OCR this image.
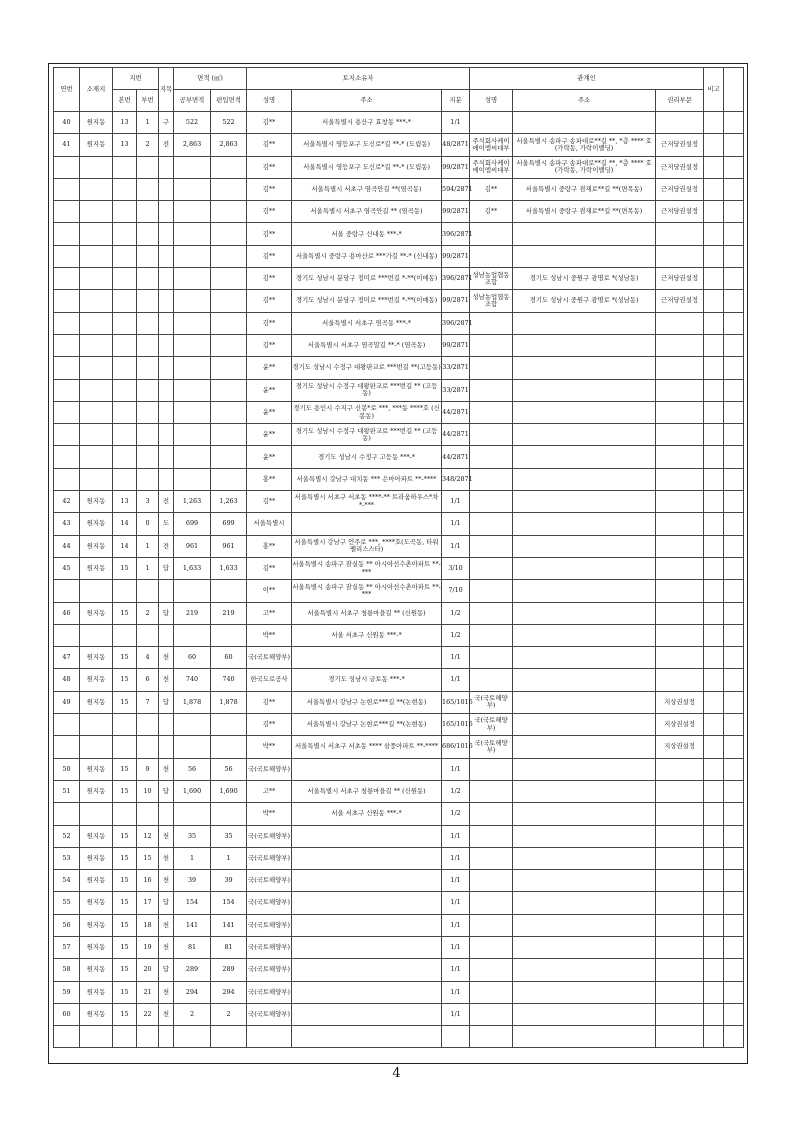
연번	소재지	지번		지목	면적 (㎡)		토지소유자			관계인			비고	
		본번	부번		공부면적	편입면적	성명	주소	지분	성명	주소	권리부문		
40	원지동	13	1	구	522	522	김**	서울특별시 용산구 효창동 ***-*	1/1					
41	원지동	13	2	전	2,863	2,863	김**	서울특별시 영등포구 도신로*길 **-* (도림동)	48/2871	주식회사케이에이엠씨대부	서울특별시 송파구 송파대로**길 **, *층 **** 호 (가락동, 가락이밸딩)	근저당권설정		
							김**	서울특별시 영등포구 도신로*길 **-* (도림동)	99/2871	주식회사케이에이엠씨대부	서울특별시 송파구 송파대로**길 **, *층 **** 호 (가락동, 가락이밸딩)	근저당권설정		
							김**	서울특별시 서초구 염곡안길 **(염곡동)	594/2871	김**	서울특별시 중랑구 겸재로**길 **(면목동)	근저당권설정		
							김**	서울특별시 서초구 염곡안길 ** (염곡동)	99/2871	김**	서울특별시 중랑구 겸재로**길 **(면목동)	근저당권설정		
							김**	서울 중랑구 신내동 ***-*	396/2871					
							김**	서울특별시 중랑구 용마산로 ***가길 **-* (신내동)	99/2871					
							김**	경기도 성남시 분당구 정미로 ***번길 *-**(이매동)	396/2871	성남농업협동조합	경기도 성남시 중원구 광명로 *(성남동)	근저당권설정		
							김**	경기도 성남시 분당구 정미로 ***번길 *-**(이매동)	99/2871	성남농업협동조합	경기도 성남시 중원구 광명로 *(성남동)	근저당권설정		
							김**	서울특별시 서초구 염곡동 ***-*	396/2871					
							김**	서울특별시 서초구 염곡말길 **-* (염곡동)	99/2871					
							윤**	경기도 성남시 수정구 대왕판교로 ***번길 **(고등동)	33/2871					
							윤**	경기도 성남시 수정구 대왕판교로 ***번길 ** (고등동)	33/2871					
							윤**	경기도 용인시 수지구 신봉*로 ***, ***동 ****호 (신봉동)	44/2871					
							윤**	경기도 성남시 수정구 대왕판교로 ***번길 ** (고등동)	44/2871					
							윤**	경기도 성남시 수정구 고등동 ***-*	44/2871					
							홍**	서울특별시 강남구 대치동 *** 은마아파트 **-****	348/2871					
42	원지동	13	3	전	1,263	1,263	김**	서울특별시 서초구 서초동 ****-** 트라움하우스*차 *-***	1/1					
43	원지동	14	0	도	699	699	서울특별시		1/1					
44	원지동	14	1	전	961	961	홍**	서울특별시 강남구 언주로 ***, ****호(도곡동, 타워팰리스스타)	1/1					
45	원지동	15	1	답	1,633	1,633	김**	서울특별시 송파구 잠실동 ** 아시아선수촌아파트 **-***	3/10					
							이**	서울특별시 송파구 잠실동 ** 아시아선수촌아파트 **-***	7/10					
46	원지동	15	2	답	219	219	고**	서울특별시 서초구 청룡마을길 ** (신원동)	1/2					
							박**	서울 서초구 신원동 ***-*	1/2					
47	원지동	15	4	천	60	60	국(국토해양부)		1/1					
48	원지동	15	6	천	740	740	한국도로공사	경기도 성남시 금토동 ***-*	1/1					
49	원지동	15	7	답	1,878	1,878	김**	서울특별시 강남구 논현로***길 **(논현동)	165/1016	국(국토해양부)		지상권설정		
							김**	서울특별시 강남구 논현로***길 **(논현동)	165/1016	국(국토해양부)		지상권설정		
							박**	서울특별시 서초구 서초동 **** 삼풍아파트 **-****	686/1016	국(국토해양부)		지상권설정		
50	원지동	15	9	천	56	56	국(국토해양부)		1/1					
51	원지동	15	10	답	1,690	1,690	고**	서울특별시 서초구 청룡마을길 ** (신원동)	1/2					
							박**	서울 서초구 신원동 ***-*	1/2					
52	원지동	15	12	천	35	35	국(국토해양부)		1/1					
53	원지동	15	15	천	1	1	국(국토해양부)		1/1					
54	원지동	15	16	천	39	39	국(국토해양부)		1/1					
55	원지동	15	17	답	154	154	국(국토해양부)		1/1					
56	원지동	15	18	천	141	141	국(국토해양부)		1/1					
57	원지동	15	19	천	81	81	국(국토해양부)		1/1					
58	원지동	15	20	답	289	289	국(국토해양부)		1/1					
59	원지동	15	21	천	294	294	국(국토해양부)		1/1					
60	원지동	15	22	천	2	2	국(국토해양부)		1/1					

4
